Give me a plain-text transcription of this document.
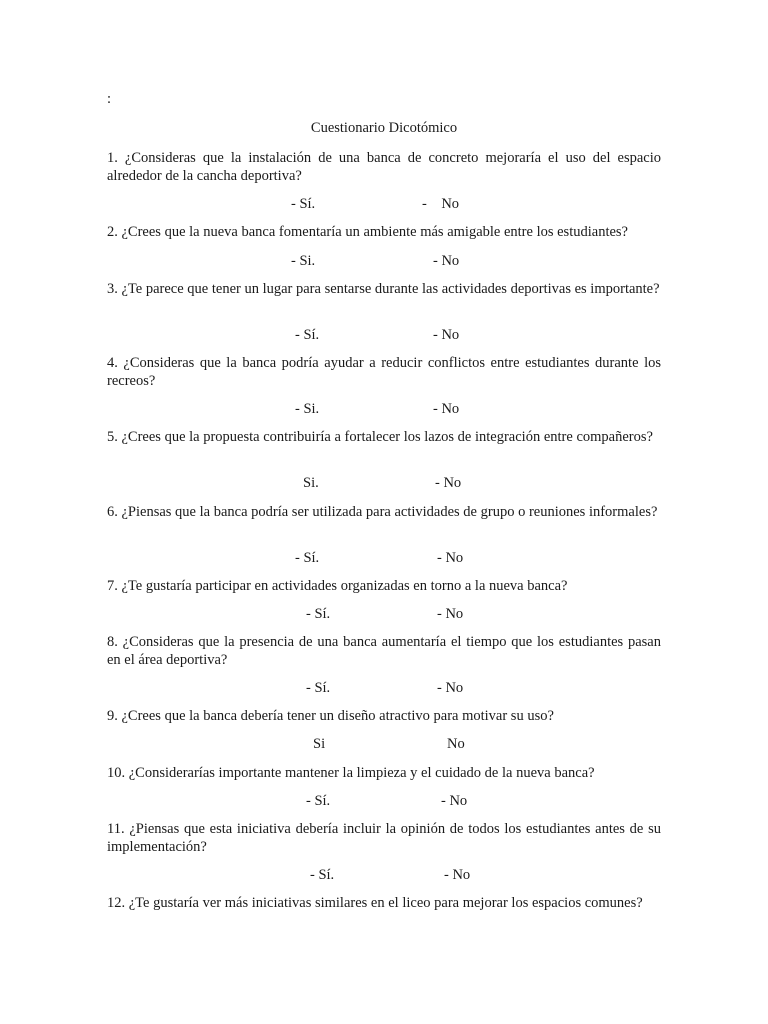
:
Cuestionario Dicotómico
1. ¿Consideras que la instalación de una banca de concreto mejoraría el uso del espacio alrededor de la cancha deportiva?
- Sí.	-    No
2. ¿Crees que la nueva banca fomentaría un ambiente más amigable entre los estudiantes?
- Si.	- No
3. ¿Te parece que tener un lugar para sentarse durante las actividades deportivas es importante?
- Sí.	- No
4. ¿Consideras que la banca podría ayudar a reducir conflictos entre estudiantes durante los recreos?
- Si.	- No
5. ¿Crees que la propuesta contribuiría a fortalecer los lazos de integración entre compañeros?
Si.	- No
6. ¿Piensas que la banca podría ser utilizada para actividades de grupo o reuniones informales?
- Sí.	- No
7. ¿Te gustaría participar en actividades organizadas en torno a la nueva banca?
- Sí.	- No
8. ¿Consideras que la presencia de una banca aumentaría el tiempo que los estudiantes pasan en el área deportiva?
- Sí.	- No
9. ¿Crees que la banca debería tener un diseño atractivo para motivar su uso?
Si	No
10. ¿Considerarías importante mantener la limpieza y el cuidado de la nueva banca?
- Sí.	- No
11. ¿Piensas que esta iniciativa debería incluir la opinión de todos los estudiantes antes de su implementación?
- Sí.	- No
12. ¿Te gustaría ver más iniciativas similares en el liceo para mejorar los espacios comunes?
